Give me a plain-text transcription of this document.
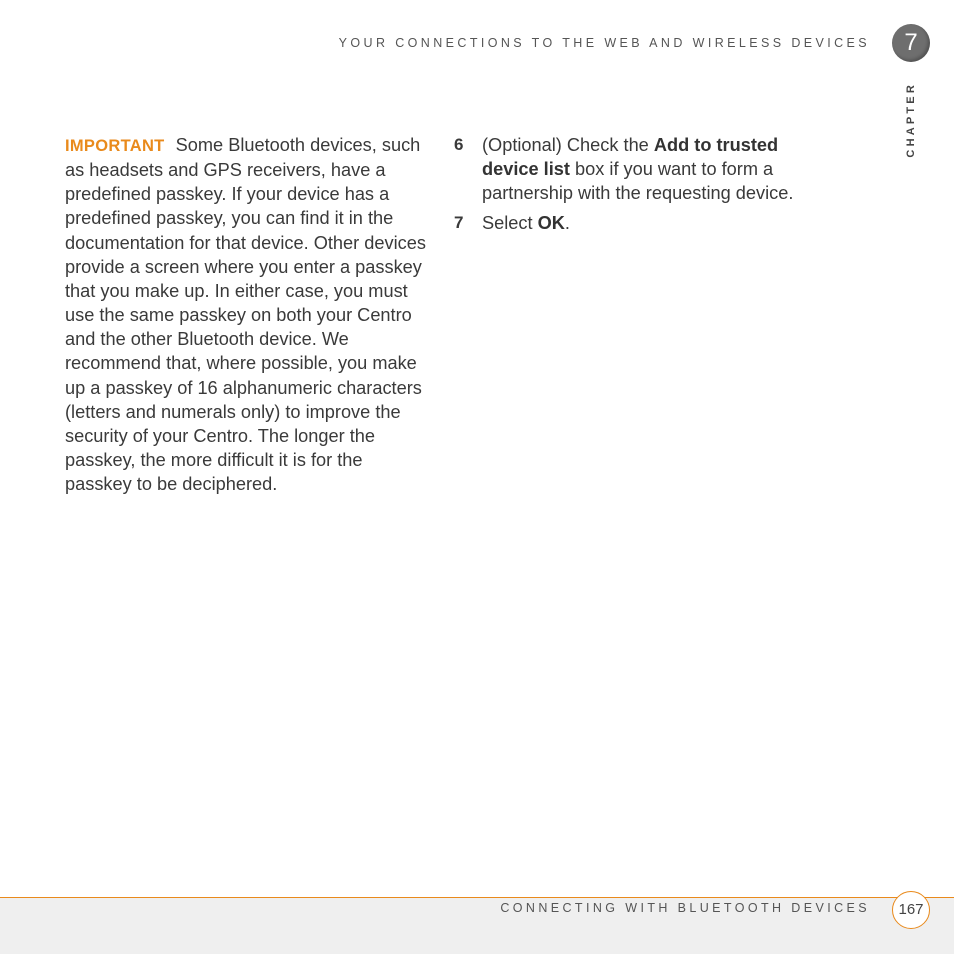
YOUR CONNECTIONS TO THE WEB AND WIRELESS DEVICES	7
CHAPTER
IMPORTANT Some Bluetooth devices, such as headsets and GPS receivers, have a predefined passkey. If your device has a predefined passkey, you can find it in the documentation for that device. Other devices provide a screen where you enter a passkey that you make up. In either case, you must use the same passkey on both your Centro and the other Bluetooth device. We recommend that, where possible, you make up a passkey of 16 alphanumeric characters (letters and numerals only) to improve the security of your Centro. The longer the passkey, the more difficult it is for the passkey to be deciphered.
6 (Optional) Check the Add to trusted device list box if you want to form a partnership with the requesting device.
7 Select OK.
CONNECTING WITH BLUETOOTH DEVICES	167
